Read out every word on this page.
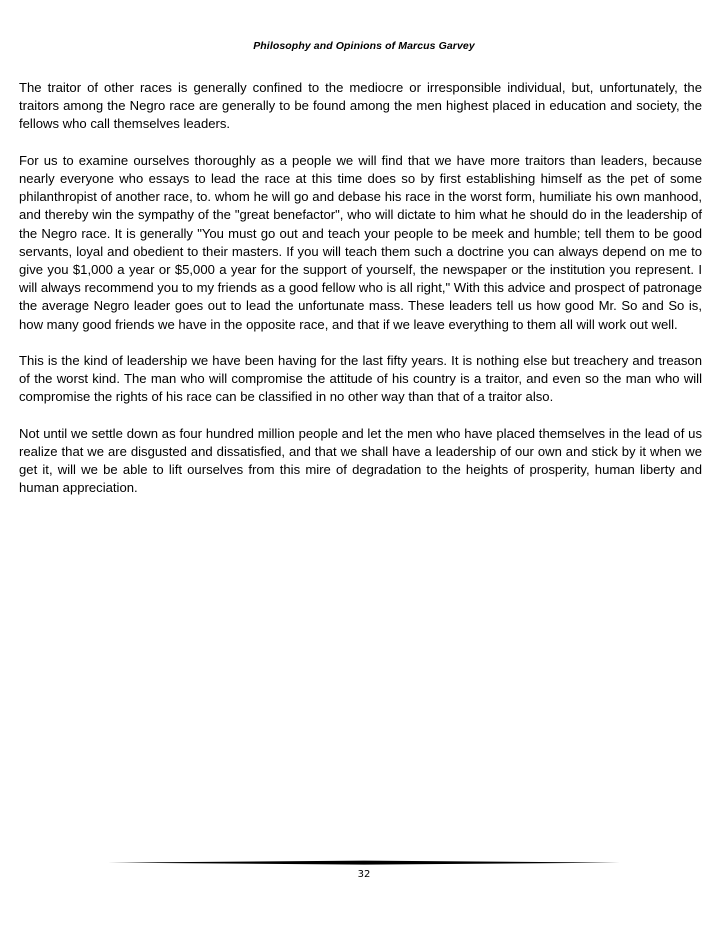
Philosophy and Opinions of Marcus Garvey

The traitor of other races is generally confined to the mediocre or irresponsible individual, but, unfortunately, the traitors among the Negro race are generally to be found among the men highest placed in education and society, the fellows who call themselves leaders.

For us to examine ourselves thoroughly as a people we will find that we have more traitors than leaders, because nearly everyone who essays to lead the race at this time does so by first establishing himself as the pet of some philanthropist of another race, to. whom he will go and debase his race in the worst form, humiliate his own manhood, and thereby win the sympathy of the "great benefactor", who will dictate to him what he should do in the leadership of the Negro race. It is generally "You must go out and teach your people to be meek and humble; tell them to be good servants, loyal and obedient to their masters. If you will teach them such a doctrine you can always depend on me to give you $1,000 a year or $5,000 a year for the support of yourself, the newspaper or the institution you represent. I will always recommend you to my friends as a good fellow who is all right," With this advice and prospect of patronage the average Negro leader goes out to lead the unfortunate mass. These leaders tell us how good Mr. So and So is, how many good friends we have in the opposite race, and that if we leave everything to them all will work out well.

This is the kind of leadership we have been having for the last fifty years. It is nothing else but treachery and treason of the worst kind. The man who will compromise the attitude of his country is a traitor, and even so the man who will compromise the rights of his race can be classified in no other way than that of a traitor also.

Not until we settle down as four hundred million people and let the men who have placed themselves in the lead of us realize that we are disgusted and dissatisfied, and that we shall have a leadership of our own and stick by it when we get it, will we be able to lift ourselves from this mire of degradation to the heights of prosperity, human liberty and human appreciation.

32
